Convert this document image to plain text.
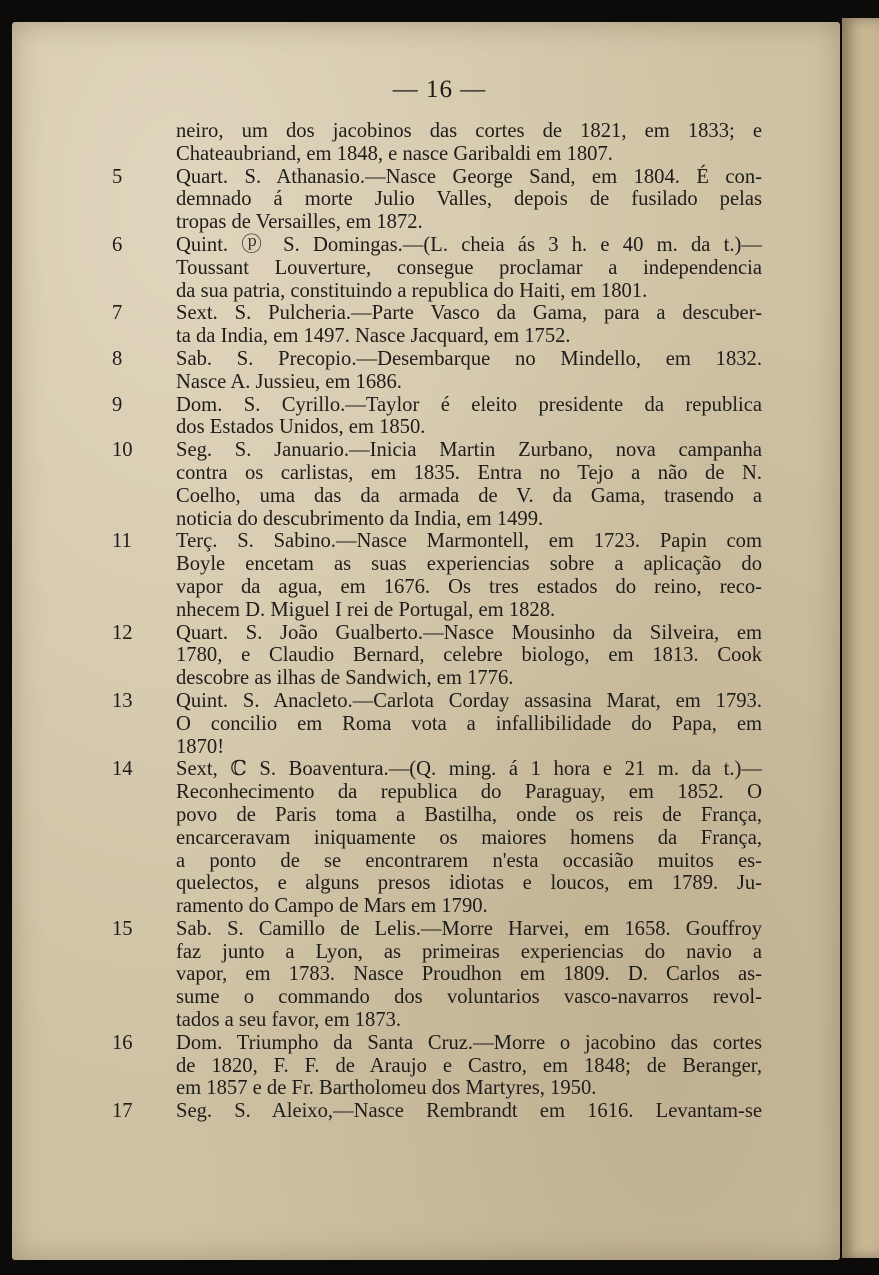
— 16 —
neiro, um dos jacobinos das cortes de 1821, em 1833; e
Chateaubriand, em 1848, e nasce Garibaldi em 1807.
5	Quart. S. Athanasio.—Nasce George Sand, em 1804. É con-
demnado á morte Julio Valles, depois de fusilado pelas
tropas de Versailles, em 1872.
6	Quint. ⓟ S. Domingas.—(L. cheia ás 3 h. e 40 m. da t.)—
Toussant Louverture, consegue proclamar a independencia
da sua patria, constituindo a republica do Haiti, em 1801.
7	Sext. S. Pulcheria.—Parte Vasco da Gama, para a descuber-
ta da India, em 1497. Nasce Jacquard, em 1752.
8	Sab. S. Precopio.—Desembarque no Mindello, em 1832.
Nasce A. Jussieu, em 1686.
9	Dom. S. Cyrillo.—Taylor é eleito presidente da republica
dos Estados Unidos, em 1850.
10	Seg. S. Januario.—Inicia Martin Zurbano, nova campanha
contra os carlistas, em 1835. Entra no Tejo a não de N.
Coelho, uma das da armada de V. da Gama, trasendo a
noticia do descubrimento da India, em 1499.
11	Terç. S. Sabino.—Nasce Marmontell, em 1723. Papin com
Boyle encetam as suas experiencias sobre a aplicação do
vapor da agua, em 1676. Os tres estados do reino, reco-
nhecem D. Miguel I rei de Portugal, em 1828.
12	Quart. S. João Gualberto.—Nasce Mousinho da Silveira, em
1780, e Claudio Bernard, celebre biologo, em 1813. Cook
descobre as ilhas de Sandwich, em 1776.
13	Quint. S. Anacleto.—Carlota Corday assasina Marat, em 1793.
O concilio em Roma vota a infallibilidade do Papa, em
1870!
14	Sext, ℂ S. Boaventura.—(Q. ming. á 1 hora e 21 m. da t.)—
Reconhecimento da republica do Paraguay, em 1852. O
povo de Paris toma a Bastilha, onde os reis de França,
encarceravam iniquamente os maiores homens da França,
a ponto de se encontrarem n'esta occasião muitos es-
quelectos, e alguns presos idiotas e loucos, em 1789. Ju-
ramento do Campo de Mars em 1790.
15	Sab. S. Camillo de Lelis.—Morre Harvei, em 1658. Gouffroy
faz junto a Lyon, as primeiras experiencias do navio a
vapor, em 1783. Nasce Proudhon em 1809. D. Carlos as-
sume o commando dos voluntarios vasco-navarros revol-
tados a seu favor, em 1873.
16	Dom. Triumpho da Santa Cruz.—Morre o jacobino das cortes
de 1820, F. F. de Araujo e Castro, em 1848; de Beranger,
em 1857 e de Fr. Bartholomeu dos Martyres, 1950.
17	Seg. S. Aleixo,—Nasce Rembrandt em 1616. Levantam-se
